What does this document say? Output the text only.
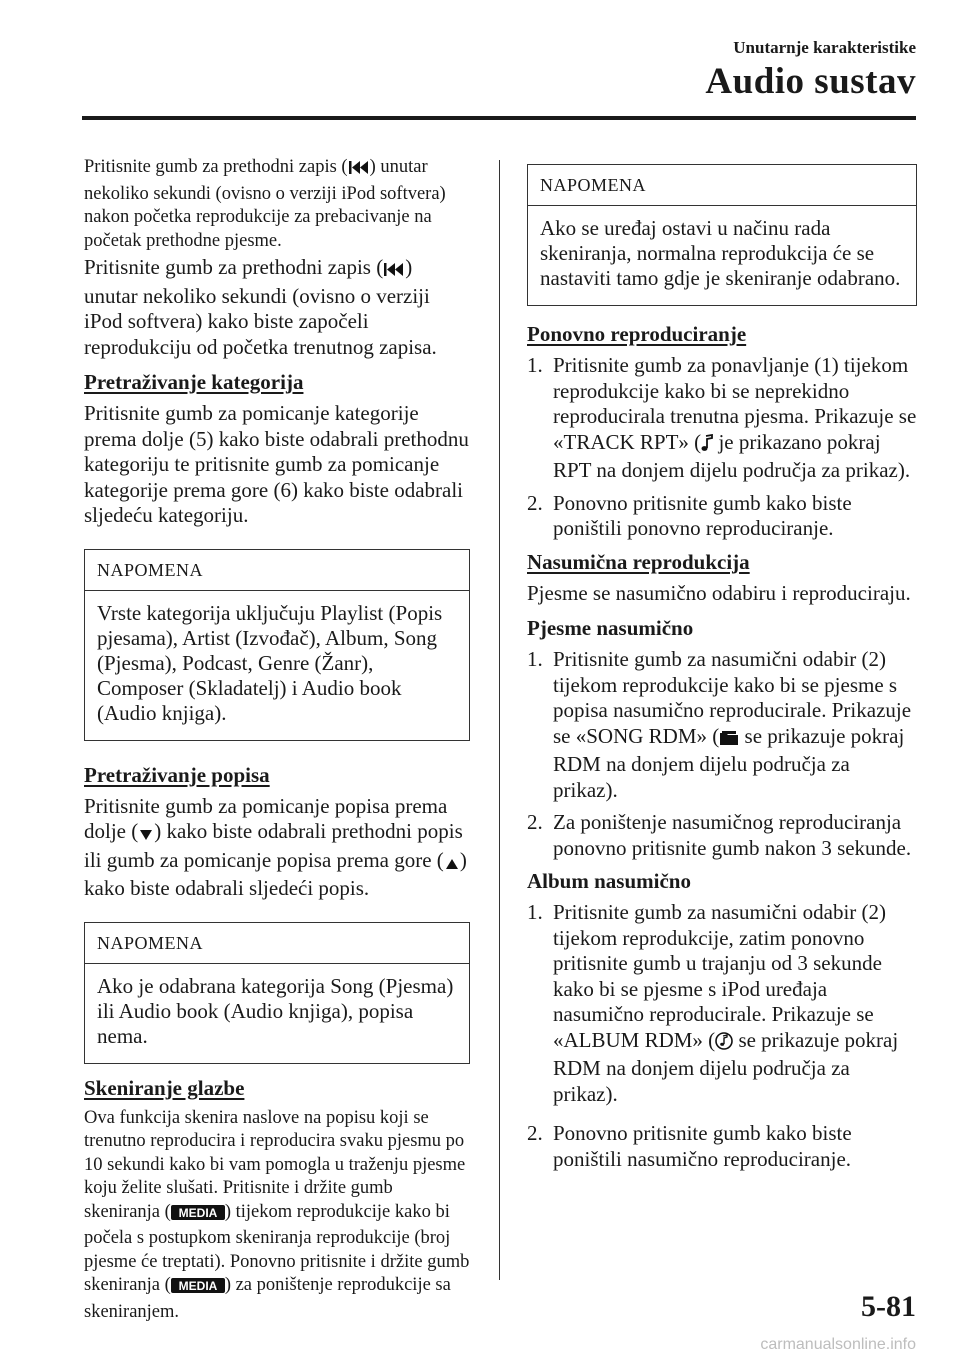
Unutarnje karakteristike
Audio sustav

Pritisnite gumb za prethodni zapis ( ) unutar nekoliko sekundi (ovisno o verziji iPod softvera) nakon početka reprodukcije za prebacivanje na početak prethodne pjesme.

Pritisnite gumb za prethodni zapis ( ) unutar nekoliko sekundi (ovisno o verziji iPod softvera) kako biste započeli reprodukciju od početka trenutnog zapisa.

Pretraživanje kategorija

Pritisnite gumb za pomicanje kategorije prema dolje (5) kako biste odabrali prethodnu kategoriju te pritisnite gumb za pomicanje kategorije prema gore (6) kako biste odabrali sljedeću kategoriju.

NAPOMENA
Vrste kategorija uključuju Playlist (Popis pjesama), Artist (Izvođač), Album, Song (Pjesma), Podcast, Genre (Žanr), Composer (Skladatelj) i Audio book (Audio knjiga).
Pretraživanje popisa

Pritisnite gumb za pomicanje popisa prema dolje ( ) kako biste odabrali prethodni popis ili gumb za pomicanje popisa prema gore ( ) kako biste odabrali sljedeći popis.

NAPOMENA
Ako je odabrana kategorija Song (Pjesma) ili Audio book (Audio knjiga), popisa nema.
Skeniranje glazbe

Ova funkcija skenira naslove na popisu koji se trenutno reproducira i reproducira svaku pjesmu po 10 sekundi kako bi vam pomogla u traženju pjesme koju želite slušati. Pritisnite i držite gumb skeniranja ( MEDIA ) tijekom reprodukcije kako bi počela s postupkom skeniranja reprodukcije (broj pjesme će treptati). Ponovno pritisnite i držite gumb skeniranja ( MEDIA ) za poništenje reprodukcije sa skeniranjem.

NAPOMENA
Ako se uređaj ostavi u načinu rada skeniranja, normalna reprodukcija će se nastaviti tamo gdje je skeniranje odabrano.
Ponovno reproduciranje
1. Pritisnite gumb za ponavljanje (1) tijekom reprodukcije kako bi se neprekidno reproducirala trenutna pjesma. Prikazuje se «TRACK RPT» ( je prikazano pokraj RPT na donjem dijelu područja za prikaz).
2. Ponovno pritisnite gumb kako biste poništili ponovno reproduciranje.
Nasumična reprodukcija

Pjesme se nasumično odabiru i reproduciraju.

Pjesme nasumično
1. Pritisnite gumb za nasumični odabir (2) tijekom reprodukcije kako bi se pjesme s popisa nasumično reproducirale. Prikazuje se «SONG RDM» ( se prikazuje pokraj RDM na donjem dijelu područja za prikaz).
2. Za poništenje nasumičnog reproduciranja ponovno pritisnite gumb nakon 3 sekunde.
Album nasumično
1. Pritisnite gumb za nasumični odabir (2) tijekom reprodukcije, zatim ponovno pritisnite gumb u trajanju od 3 sekunde kako bi se pjesme s iPod uređaja nasumično reproducirale. Prikazuje se «ALBUM RDM» ( se prikazuje pokraj RDM na donjem dijelu područja za prikaz).
2. Ponovno pritisnite gumb kako biste poništili nasumično reproduciranje.
5-81
carmanualsonline.info
